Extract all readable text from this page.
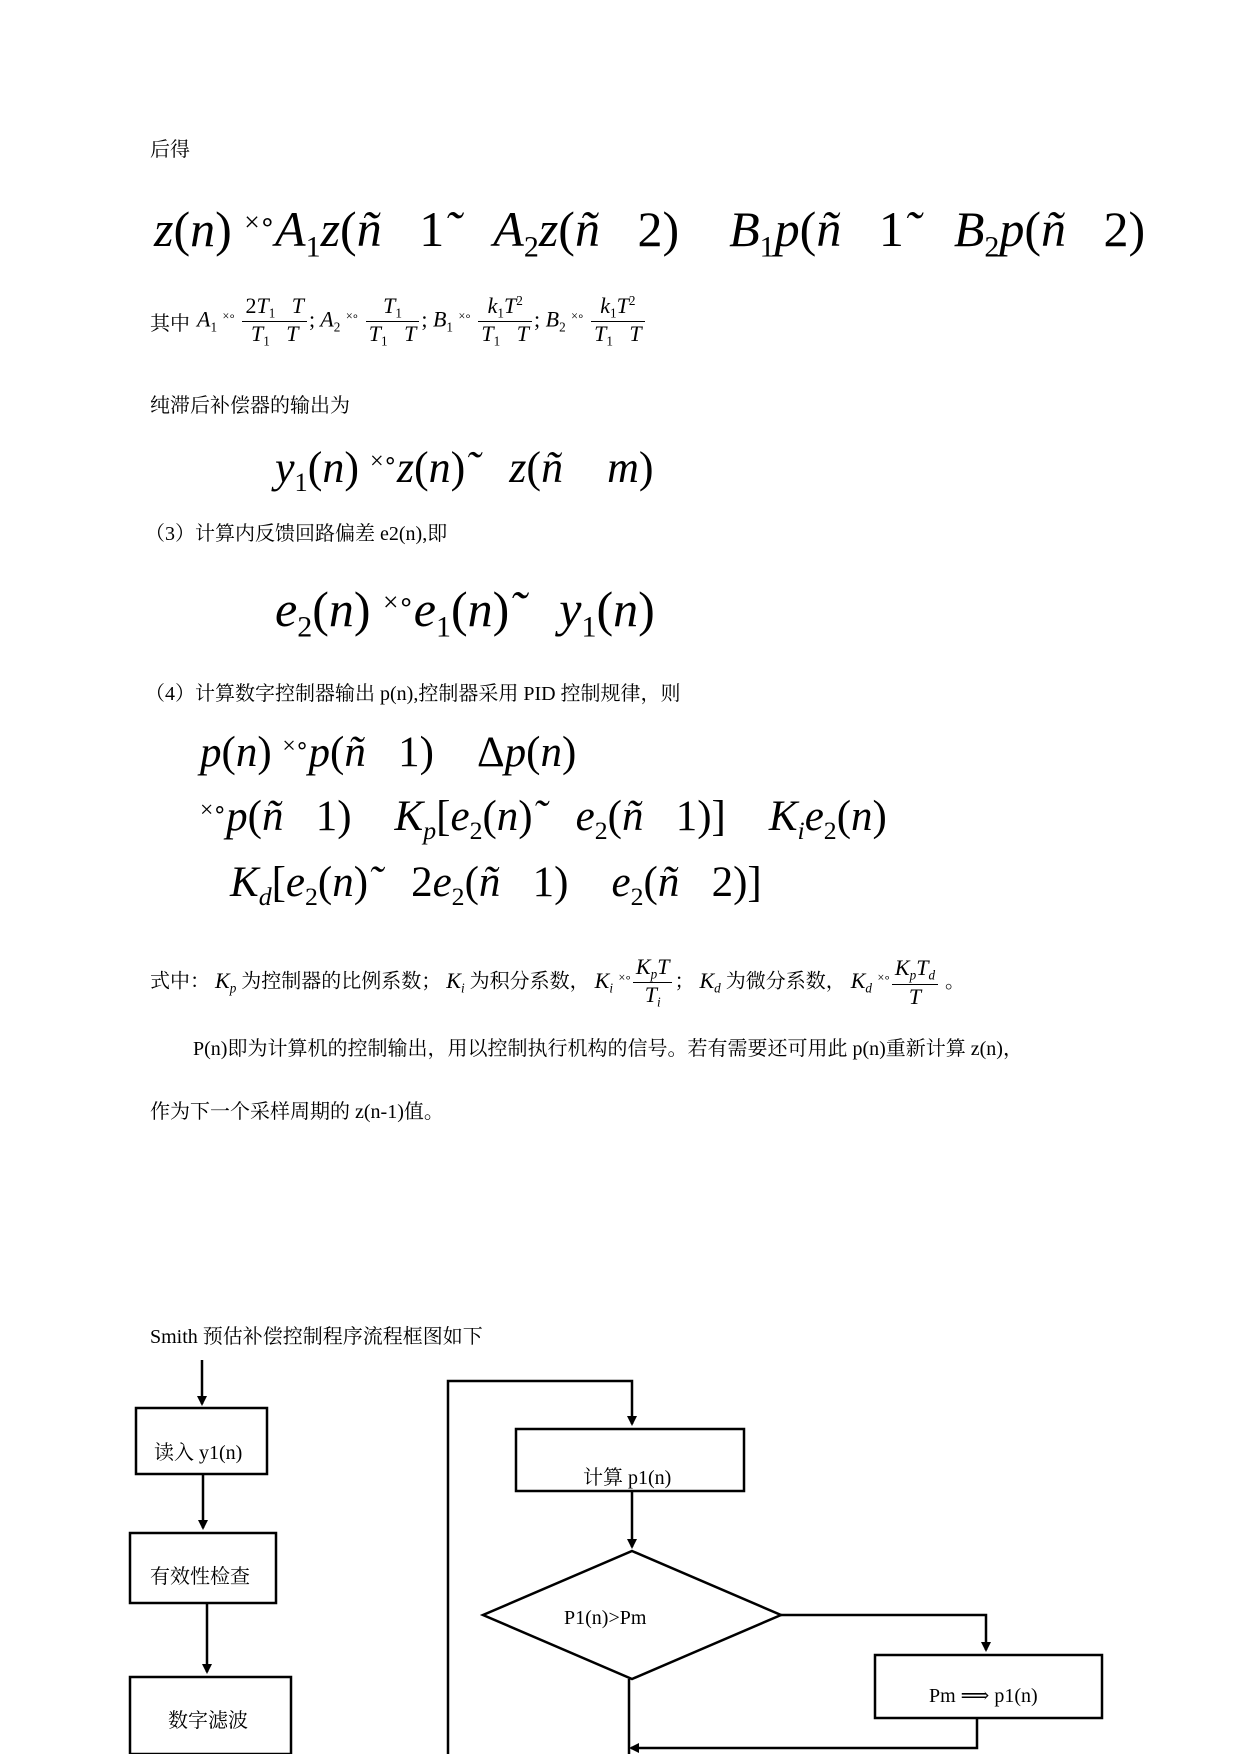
后得
z(n) $^{\times\circ}A_1z(ñ$   1̃    $A_2z(ñ$   2)    $B_1p(ñ$   1̃    $B_2p(ñ$   2)
其中 $A_1$ $^{\times\circ} \frac{2T_1 T}{T_1 T}$ ; $A_2$ $^{\times\circ} \frac{T_1}{T_1 T}$ ; $B_1$ $^{\times\circ} \frac{k_1T^2}{T_1 T}$ ; $B_2$ $^{\times\circ} \frac{k_1T^2}{T_1 T}$
纯滞后补偿器的输出为
$y_1(n)$ ×∘z(n)̃    z(ñ    m)
（3）计算内反馈回路偏差 e2(n),即
$e_2(n)$ $^{\times\circ}e_1(n)̃$    $y_1(n)$
（4）计算数字控制器输出 p(n),控制器采用 PID 控制规律，则
p(n) ×∘p(ñ   1) Δp(n)
×∘p(ñ   1)    $K_p[e_2(n)̃$    $e_2(ñ$   1)]    $K_ie_2(n)$
$K_d[e_2(n)̃$    $2e_2(ñ$   1)    $e_2(ñ$   2)]
式中： $K_p$ 为控制器的比例系数； $K_i$ 为积分系数， $K_i$ $^{\times\circ} \frac{K_pT}{T_i}$ ； $K_d$ 为微分系数， $K_d$ $^{\times\circ} \frac{K_pT_d}{T}$ 。
P(n)即为计算机的控制输出，用以控制执行机构的信号。若有需要还可用此 p(n)重新计算 z(n)，
作为下一个采样周期的 z(n-1)值。
Smith 预估补偿控制程序流程框图如下
读入 y1(n)
有效性检查
数字滤波
计算 p1(n)
P1(n)>Pm
Pm ⟹ p1(n)
